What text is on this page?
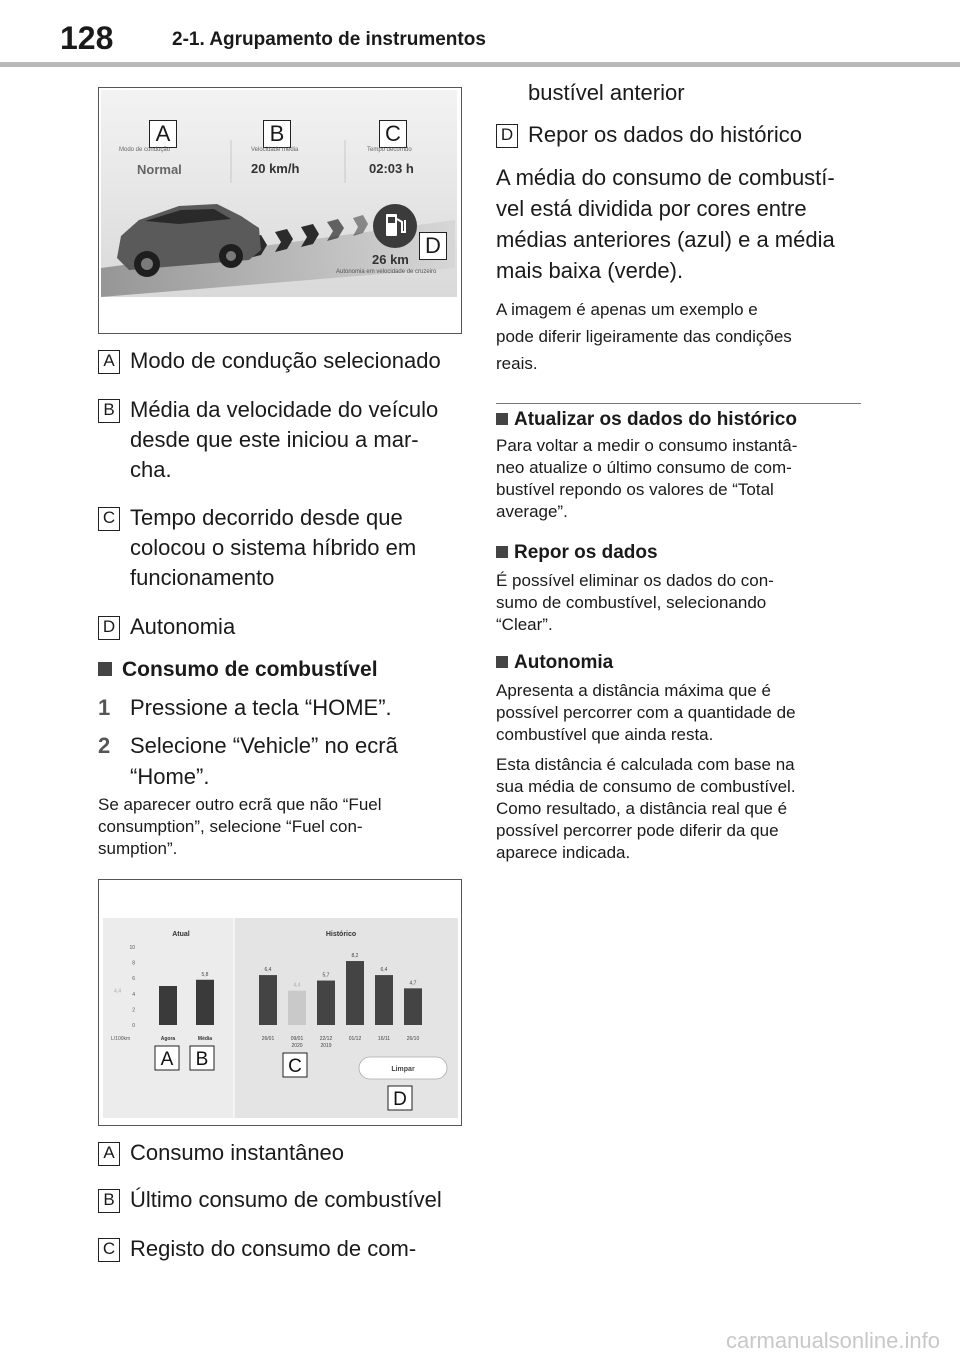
128	2-1. Agrupamento de instrumentos
A	B	C
D
Modo de condução	Velocidade média	Tempo decorrido
Normal	20 km/h	02:03 h
26 km
Autonomia em velocidade de cruzeiro
A Modo de condução selecionado
B Média da velocidade do veículo
desde que este iniciou a mar-
cha.
C Tempo decorrido desde que
colocou o sistema híbrido em
funcionamento
D Autonomia
Consumo de combustível
1 Pressione a tecla “HOME”.
2 Selecione “Vehicle” no ecrã
“Home”.
Se aparecer outro ecrã que não “Fuel
consumption”, selecione “Fuel con-
sumption”.
Atual	Histórico
0
2
4
6
8
10
4,4
L/100km	Agora
5,8
Média
6,4
26/01
4,4
09/01
2020
5,7
22/12
2019
8,2
01/12
6,4
16/11
4,7
26/10
Limpar
A B	C
D
A Consumo instantâneo
B Último consumo de combustível
C Registo do consumo de com-
bustível anterior
D Repor os dados do histórico
A média do consumo de combustí-
vel está dividida por cores entre
médias anteriores (azul) e a média
mais baixa (verde).
A imagem é apenas um exemplo e
pode diferir ligeiramente das condições
reais.
Atualizar os dados do histórico
Para voltar a medir o consumo instantâ-
neo atualize o último consumo de com-
bustível repondo os valores de “Total
average”.
Repor os dados
É possível eliminar os dados do con-
sumo de combustível, selecionando
“Clear”.
Autonomia
Apresenta a distância máxima que é
possível percorrer com a quantidade de
combustível que ainda resta.
Esta distância é calculada com base na
sua média de consumo de combustível.
Como resultado, a distância real que é
possível percorrer pode diferir da que
aparece indicada.
carmanualsonline.info
